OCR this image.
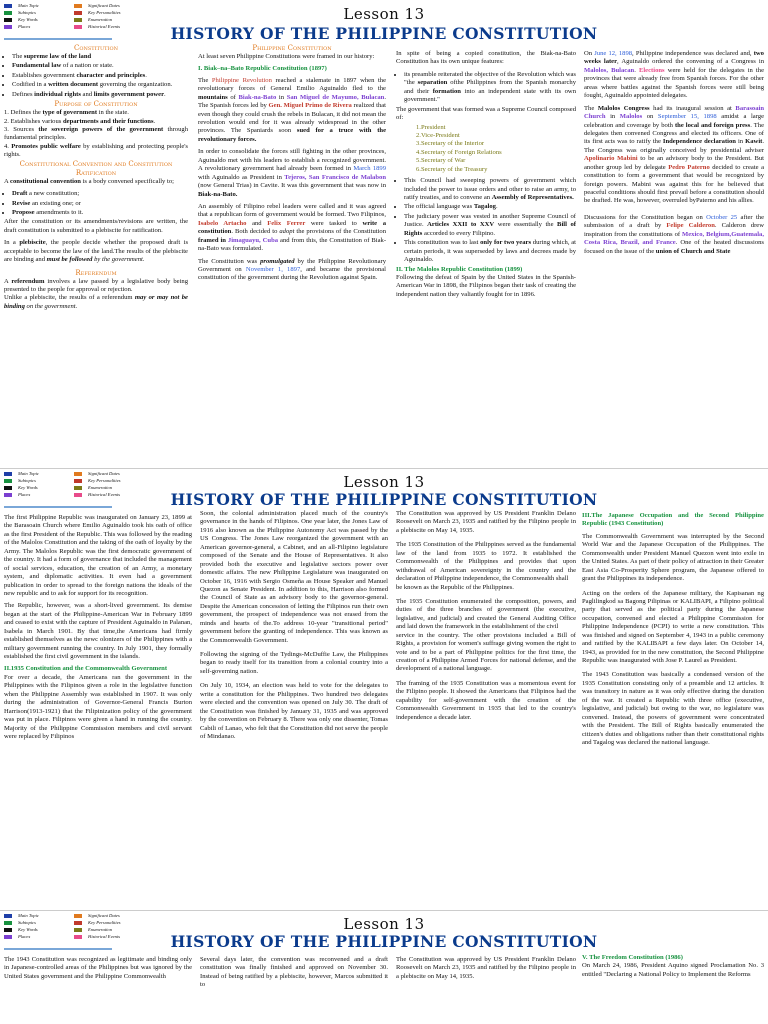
Main Topic	Significant Dates
Subtopics	Key Personalities
Key Words	Enumeration
Places	Historical Events
Lesson 13
HISTORY OF THE PHILIPPINE CONSTITUTION
Constitution
• The supreme law of the land
• Fundamental law of a nation or state.
• Establishes government character and principles.
• Codified in a written document governing the organization.
• Defines individual rights and limits government power.
Purpose of Constitution
1. Defines the type of government in the state.
2. Establishes various departments and their functions.
3. Sources the sovereign powers of the government through fundamental principles.
4. Promotes public welfare by establishing and protecting people's rights.
Constitutional Convention and Constitution Ratification

A constitutional convention is a body convened specifically to;

• Draft a new constitution;
• Revise an existing one; or
• Propose amendments to it.

After the constitution or its amendments/revisions are written, the draft constitution is submitted to a plebiscite for ratification.

In a plebiscite, the people decide whether the proposed draft is acceptable to become the law of the land.The results of the plebiscite are binding and must be followed by the government.

Referendum

A referendum involves a law passed by a legislative body being presented to the people for approval or rejection.

Unlike a plebiscite, the results of a referendum may or may not be binding on the government.

Philippine Constitution

At least seven Philippine Constitutions were framed in our history:

I. Biak–na–Bato Republic Constitution (1897)

The Philippine Revolution reached a stalemate in 1897 when the revolutionary forces of General Emilio Aguinaldo fled to the mountains of Biak-na-Bato in San Miguel de Mayumo, Bulacan. The Spanish forces led by Gen. Miguel Primo de Rivera realized that even though they could crush the rebels in Bulacan, it did not mean the revolution would end for it was already widespread in the other provinces. The Spaniards soon sued for a truce with the revolutionary forces.

In order to consolidate the forces still fighting in the other provinces, Aguinaldo met with his leaders to establish a recognized government. A revolutionary government had already been formed in March 1899 with Aguinaldo as President in Tejeros, San Francisco de Malabon (now General Trias) in Cavite. It was this government that was now in Biak-na-Bato.

An assembly of Filipino rebel leaders were called and it was agreed that a republican form of government would be formed. Two Filipinos, Isabelo Artacho and Felix Ferrer were tasked to write a constitution. Both decided to adopt the provisions of the Constitution framed in Jimaguayu, Cuba and from this, the Constitution of Biak-na-Bato was formulated.

The Constitution was promulgated by the Philippine Revolutionary Government on November 1, 1897, and became the provisional constitution of the government during the Revolution against Spain.

In spite of being a copied constitution, the Biak-na-Bato Constitution has its own unique features:

• its preamble reiterated the objective of the Revolution which was "the separation ofthe Philippines from the Spanish monarchy and their formation into an independent state with its own government."

The government that was formed was a Supreme Council composed of:

1.President
2.Vice-President
3.Secretary of the Interior
4.Secretary of Foreign Relations
5.Secretary of War
6.Secretary of the Treasury
• This Council had sweeping powers of government which included the power to issue orders and other to raise an army, to ratify treaties, and to convene an Assembly of Representatives.
• The official language was Tagalog.
• The judiciary power was vested in another Supreme Council of Justice. Articles XXII to XXV were essentially the Bill of Rights accorded to every Filipino.
• This constitution was to last only for two years during which, at certain periods, it was superseded by laws and decrees made by Aguinaldo.
II. The Malolos Republic Constitution (1899)

Following the defeat of Spain by the United States in the Spanish-American War in 1898, the Filipinos began their task of creating the independent nation they valiantly fought for in 1896.

On June 12, 1898, Philippine independence was declared and, two weeks later, Aguinaldo ordered the convening of a Congress in Malolos, Bulacan. Elections were held for the delegates in the provinces that were already free from Spanish forces. For the other areas where battles against the Spanish forces were still being fought, Aguinaldo appointed delegates.

The Malolos Congress had its inaugural session at Barasoain Church in Malolos on September 15, 1898 amidst a large celebration and coverage by both the local and foreign press. The delegates then convened Congress and elected its officers. One of its first acts was to ratify the Independence declaration in Kawit. The Congress was originally conceived by presidential adviser Apolinario Mabini to be an advisory body to the President. But another group led by delegate Pedro Paterno decided to create a constitution to form a government that would be recognized by foreign powers. Mabini was against this for he believed that peaceful conditions should first prevail before a constitution should be drafted. He was, however, overruled byPaterno and his allies.

Discussions for the Constitution began on October 25 after the submission of a draft by Felipe Calderon. Calderon drew inspiration from the constitutions of Mexico, Belgium,Guatemala, Costa Rica, Brazil, and France. One of the heated discussions focused on the issue of the union of Church and State

Main Topic	Significant Dates
Subtopics	Key Personalities
Key Words	Enumeration
Places	Historical Events
Lesson 13
HISTORY OF THE PHILIPPINE CONSTITUTION

The first Philippine Republic was inaugurated on January 23, 1899 at the Barasoain Church where Emilio Aguinaldo took his oath of office as the first President of the Republic. This was followed by the reading of the Malolos Constitution and the taking of the oath of loyalty by the Army. The Malolos Republic was the first democratic government of the country. It had a form of governance that included the management of social services, education, the creation of an Army, a monetary system, and diplomatic activities. It even had a government publication in order to spread to the foreign nations the ideals of the new republic and to ask for support for its recognition.

The Republic, however, was a short-lived government. Its demise began at the start of the Philippine-American War in February 1899 and ceased to exist with the capture of President Aguinaldo in Palanan, Isabela in March 1901. By that time,the Americans had firmly established themselves as the newc olonizers of the Philippines with a military government running the country. In July 1901, they formally established the first civil government in the islands.

II.1935 Constitution and the Commonwealth Government

For over a decade, the Americans ran the government in the Philippines with the Filipinos given a role in the legislative function when the Philippine Assembly was established in 1907. It was only during the administration of Governor-General Francis Burton Harrison(1913-1921) that the Filipinization policy of the government was put in place. Filipinos were given a hand in running the country. Majority of the Philippine Commission members and civil servant were replaced by Filipinos

Soon, the colonial administration placed much of the country's governance in the hands of Filipinos. One year later, the Jones Law of 1916 also known as the Philippine Autonomy Act was passed by the US Congress. The Jones Law reorganized the government with an American governor-general, a Cabinet, and an all-Filipino legislature composed of the Senate and the House of Representatives. It also provided both the executive and legislative sectors power over domestic affairs. The new Philippine Legislature was inaugurated on October 16, 1916 with Sergio Osmeña as House Speaker and Manuel Quezon as Senate President. In addition to this, Harrison also formed the Council of State as an advisory body to the governor-general. Despite the American concession of letting the Filipinos run their own government, the prospect of independence was not erased from the minds and hearts of the.To address 10-year "transitional period" government before the granting of independence. This was known as the Commonwealth Government.

Following the signing of the Tydings-McDuffie Law, the Philippines began to ready itself for its transition from a colonial country into a self-governing nation.

On July 10, 1934, an election was held to vote for the delegates to write a constitution for the Philippines. Two hundred two delegates were elected and the convention was opened on July 30. The draft of the Constitution was finished by January 31, 1935 and was approved by the convention on February 8. There was only one dissenter, Tomas Cabili of Lanao, who felt that the Constitution did not serve the people of Mindanao.

The Constitution was approved by US President Franklin Delano Roosevelt on March 23, 1935 and ratified by the Filipino people in a plebiscite on May 14, 1935.

The 1935 Constitution of the Philippines served as the fundamental law of the land from 1935 to 1972. It established the Commonwealth of the Philippines and provides that upon withdrawal of American sovereignty in the country and the declaration of Philippine independence, the Commonwealth shall

be known as the Republic of the Philippines.

The 1935 Constitution enumerated the composition, powers, and duties of the three branches of government (the executive, legislative, and judicial) and created the General Auditing Office and laid down the framework in the establishment of the civil

service in the country. The other provisions included a Bill of Rights, a provision for women's suffrage giving women the right to vote and to be a part of Philippine politics for the first time, the creation of a Philippine Armed Forces for national defense, and the development of a national language.

The framing of the 1935 Constitution was a momentous event for the Filipino people. It showed the Americans that Filipinos had the capability for self-government with the creation of the Commonwealth Government in 1935 that led to the country's independence a decade later.

III.The Japanese Occupation and the Second Philippine Republic (1943 Constitution)

The Commonwealth Government was interrupted by the Second World War and the Japanese Occupation of the Philippines. The Commonwealth under President Manuel Quezon went into exile in the United States. As part of their policy of attraction in their Greater East Asia Co-Prosperity Sphere program, the Japanese offered to grant the Philippines its independence.

Acting on the orders of the Japanese military, the Kapisanan ng Paglilingkod sa Bagong Pilipinas or KALIBAPI, a Filipino political party that served as the political party during the Japanese occupation, convened and elected a Philippine Commission for Philippine Independence (PCPI) to write a new constitution. This was finished and signed on September 4, 1943 in a public ceremony and ratified by the KALIBAPI a few days later. On October 14, 1943, as provided for in the new constitution, the Second Philippine Republic was inaugurated with Jose P. Laurel as President.

The 1943 Constitution was basically a condensed version of the 1935 Constitution consisting only of a preamble and 12 articles. It was transitory in nature as it was only effective during the duration of the war. It created a Republic with three office (executive, legislative, and judicial) but owing to the war, no legislature was convened. Instead, the powers of government were concentrated with the President. The Bill of Rights basically enumerated the citizen's duties and obligations rather than their constitutional rights and Tagalog was declared the national language.

Main Topic	Significant Dates
Subtopics	Key Personalities
Key Words	Enumeration
Places	Historical Events
Lesson 13
HISTORY OF THE PHILIPPINE CONSTITUTION

The 1943 Constitution was recognized as legitimate and binding only in Japanese-controlled areas of the Philippines but was ignored by the United States government and the Philippine Commonwealth

Several days later, the convention was reconvened and a draft constitution was finally finished and approved on November 30. Instead of being ratified by a plebiscite, however, Marcos submitted it to

The Constitution was approved by US President Franklin Delano Roosevelt on March 23, 1935 and ratified by the Filipino people in a plebiscite on May 14, 1935.

V. The Freedom Constitution (1986)

On March 24, 1986, President Aquino signed Proclamation No. 3 entitled "Declaring a National Policy to Implement the Reforms
